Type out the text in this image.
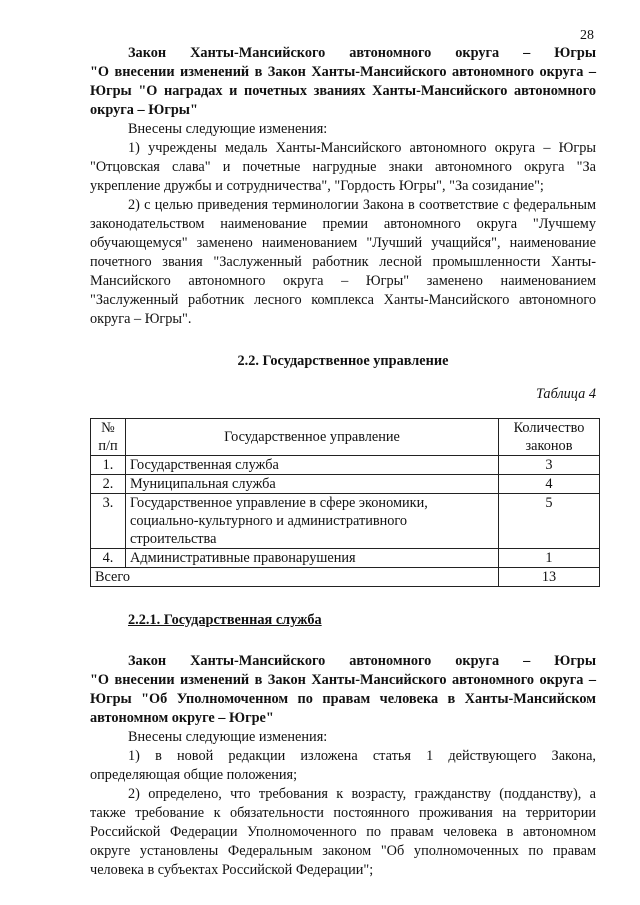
28
Закон Ханты-Мансийского автономного округа – Югры
"О внесении изменений в Закон Ханты-Мансийского автономного округа – Югры "О наградах и почетных званиях Ханты-Мансийского автономного округа – Югры"

Внесены следующие изменения:

1) учреждены медаль Ханты-Мансийского автономного округа – Югры "Отцовская слава" и почетные нагрудные знаки автономного округа "За укрепление дружбы и сотрудничества", "Гордость Югры", "За созидание";

2) с целью приведения терминологии Закона в соответствие с федеральным законодательством наименование премии автономного округа "Лучшему обучающемуся" заменено наименованием "Лучший учащийся", наименование почетного звания "Заслуженный работник лесной промышленности Ханты-Мансийского автономного округа – Югры" заменено наименованием "Заслуженный работник лесного комплекса Ханты-Мансийского автономного округа – Югры".

2.2. Государственное управление
Таблица 4
№ п/п	Государственное управление	Количество законов
1.	Государственная служба	3
2.	Муниципальная служба	4
3.	Государственное управление в сфере экономики, социально-культурного и административного строительства	5
4.	Административные правонарушения	1
Всего		13
2.2.1. Государственная служба
Закон Ханты-Мансийского автономного округа – Югры
"О внесении изменений в Закон Ханты-Мансийского автономного округа – Югры "Об Уполномоченном по правам человека в Ханты-Мансийском автономном округе – Югре"

Внесены следующие изменения:

1) в новой редакции изложена статья 1 действующего Закона, определяющая общие положения;

2) определено, что требования к возрасту, гражданству (подданству), а также требование к обязательности постоянного проживания на территории Российской Федерации Уполномоченного по правам человека в автономном округе установлены Федеральным законом "Об уполномоченных по правам человека в субъектах Российской Федерации";
